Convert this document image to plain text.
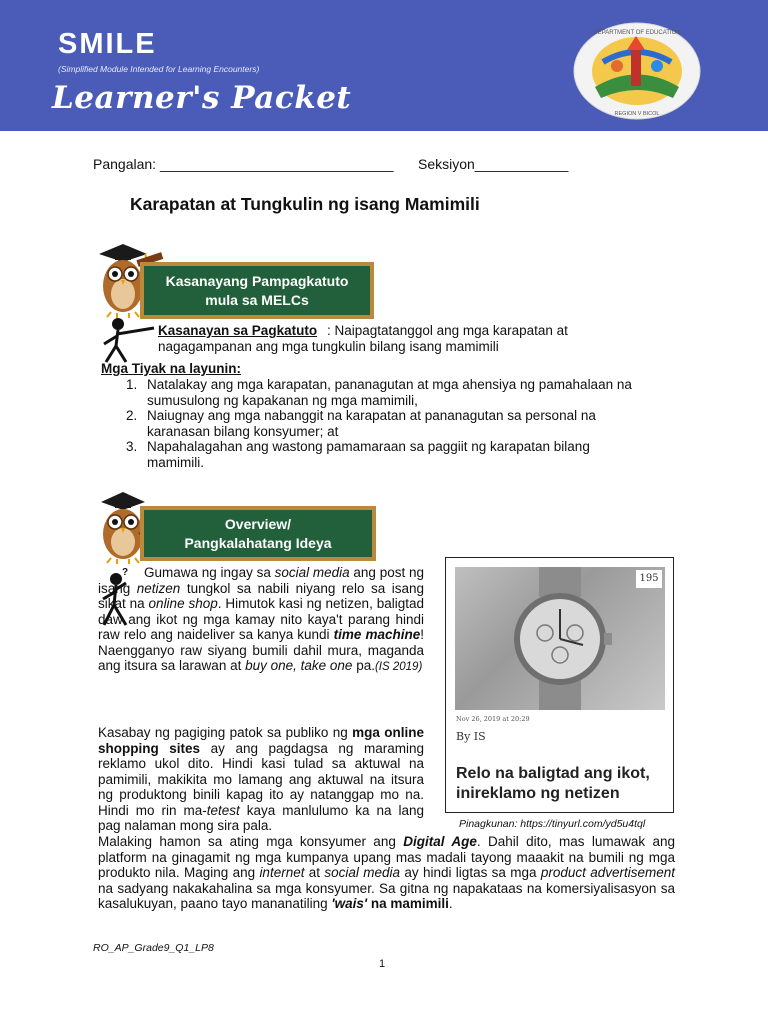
SMILE
(Simplified Module Intended for Learning Encounters)
Learner's Packet
DEPARTMENT OF EDUCATION
REGION V BICOL
Pangalan: ______________________________ Seksiyon____________
Karapatan at Tungkulin ng isang Mamimili
Kasanayang Pampagkatuto
mula sa MELCs
Kasanayan sa Pagkatuto : Naipagtatanggol ang mga karapatan at nagagampanan ang mga tungkulin bilang isang mamimili
Mga Tiyak na layunin:
1. Natalakay ang mga karapatan, pananagutan at mga ahensiya ng pamahalaan na sumusulong ng kapakanan ng mga mamimili,
2. Naiugnay ang mga nabanggit na karapatan at pananagutan sa personal na karanasan bilang konsyumer; at
3. Napahalagahan ang wastong pamamaraan sa paggiit ng karapatan bilang mamimili.
Overview/
Pangkalahatang Ideya
?	Gumawa ng ingay sa social media ang post ng isang netizen tungkol sa nabili niyang relo sa isang sikat na online shop. Himutok kasi ng netizen, baligtad daw ang ikot ng mga kamay nito kaya't parang hindi raw relo ang naideliver sa kanya kundi time machine! Naengganyo raw siyang bumili dahil mura, maganda ang itsura sa larawan at buy one, take one pa.(IS 2019)
Kasabay ng pagiging patok sa publiko ng mga online shopping sites ay ang pagdagsa ng maraming reklamo ukol dito. Hindi kasi tulad sa aktuwal na pamimili, makikita mo lamang ang aktuwal na itsura ng produktong binili kapag ito ay natanggap mo na. Hindi mo rin ma-tetest kaya manlulumo ka na lang pag nalaman mong sira pala.
Malaking hamon sa ating mga konsyumer ang Digital Age. Dahil dito, mas lumawak ang platform na ginagamit ng mga kumpanya upang mas madali tayong maaakit na bumili ng mga produkto nila. Maging ang internet at social media ay hindi ligtas sa mga product advertisement na sadyang nakakahalina sa mga konsyumer. Sa gitna ng napakataas na komersiyalisasyon sa kasalukuyan, paano tayo mananatiling 'wais' na mamimili.
195
Nov 26, 2019 at 20:29
By IS
Relo na baligtad ang ikot, inireklamo ng netizen
Pinagkunan: https://tinyurl.com/yd5u4tql
RO_AP_Grade9_Q1_LP8
1
